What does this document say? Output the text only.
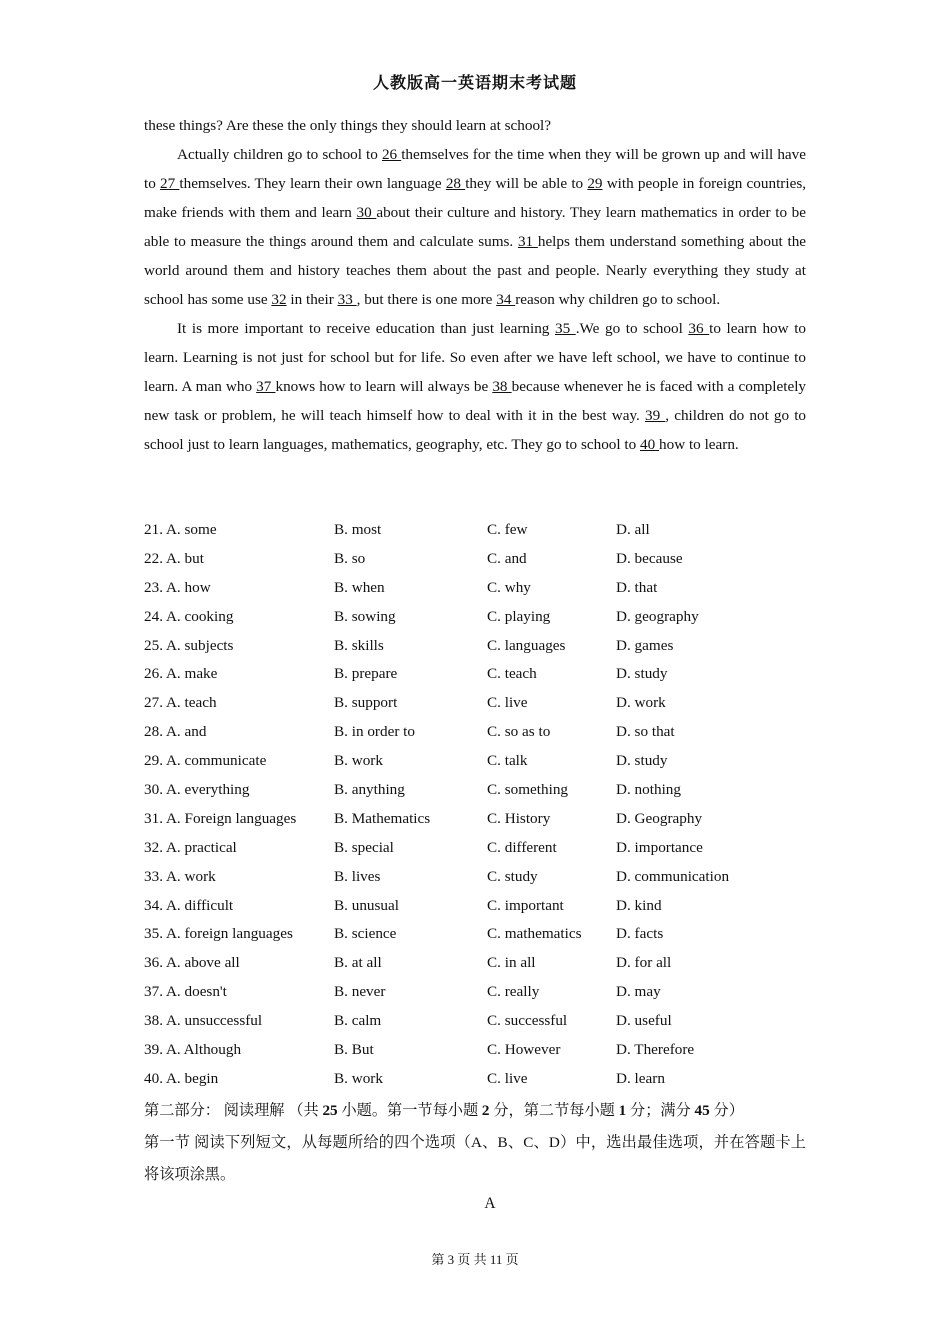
人教版高一英语期末考试题

these things? Are these the only things they should learn at school?

Actually children go to school to 26 themselves for the time when they will be grown up and will have to 27 themselves. They learn their own language 28 they will be able to 29 with people in foreign countries, make friends with them and learn 30 about their culture and history. They learn mathematics in order to be able to measure the things around them and calculate sums. 31 helps them understand something about the world around them and history teaches them about the past and people. Nearly everything they study at school has some use 32 in their 33 , but there is one more 34 reason why children go to school.

It is more important to receive education than just learning 35 .We go to school 36 to learn how to learn. Learning is not just for school but for life. So even after we have left school, we have to continue to learn. A man who 37 knows how to learn will always be 38 because whenever he is faced with a completely new task or problem, he will teach himself how to deal with it in the best way. 39 , children do not go to school just to learn languages, mathematics, geography, etc. They go to school to 40 how to learn.

21. A. some	B. most	C. few	D. all
22. A. but	B. so	C. and	D. because
23. A. how	B. when	C. why	D. that
24. A. cooking	B. sowing	C. playing	D. geography
25. A. subjects	B. skills	C. languages	D. games
26. A. make	B. prepare	C. teach	D. study
27. A. teach	B. support	C. live	D. work
28. A. and	B. in order to	C. so as to	D. so that
29. A. communicate	B. work	C. talk	D. study
30. A. everything	B. anything	C. something	D. nothing
31. A. Foreign languages B. Mathematics	C. History	D. Geography
32. A. practical	B. special	C. different	D. importance
33. A. work	B. lives	C. study	D. communication
34. A. difficult	B. unusual	C. important	D. kind
35. A. foreign languages	B. science	C. mathematics D. facts
36. A. above all	B. at all	C. in all	D. for all
37. A. doesn't	B. never	C. really	D. may
38. A. unsuccessful	B. calm	C. successful	D. useful
39. A. Although	B. But	C. However	D. Therefore
40. A. begin	B. work	C. live	D. learn

第二部分： 阅读理解 （共 25 小题。第一节每小题 2 分，第二节每小题 1 分；满分 45 分）

第一节 阅读下列短文，从每题所给的四个选项（A、B、C、D）中，选出最佳选项，并在答题卡上将该项涂黑。

A
第 3 页 共 11 页
